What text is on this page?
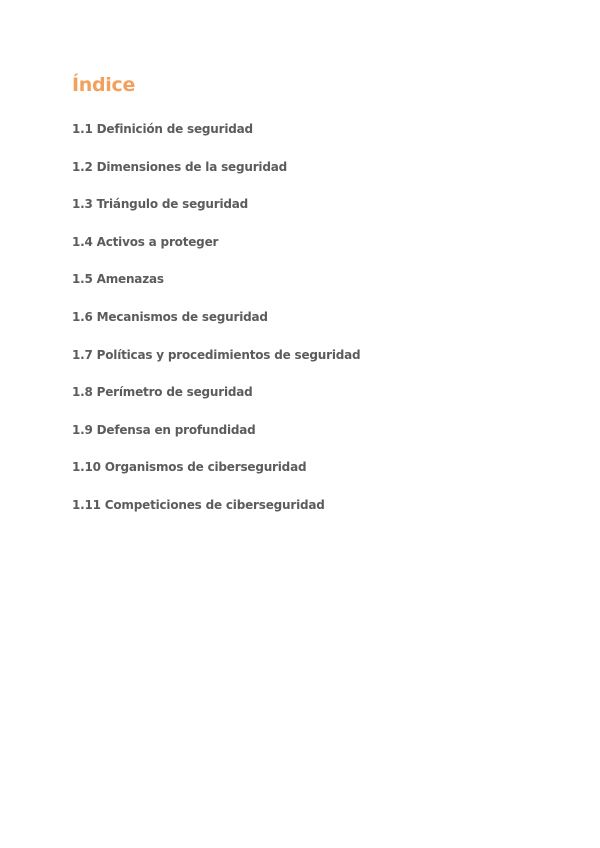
Índice
1.1 Definición de seguridad
1.2 Dimensiones de la seguridad
1.3 Triángulo de seguridad
1.4 Activos a proteger
1.5 Amenazas
1.6 Mecanismos de seguridad
1.7 Políticas y procedimientos de seguridad
1.8 Perímetro de seguridad
1.9 Defensa en profundidad
1.10 Organismos de ciberseguridad
1.11 Competiciones de ciberseguridad
